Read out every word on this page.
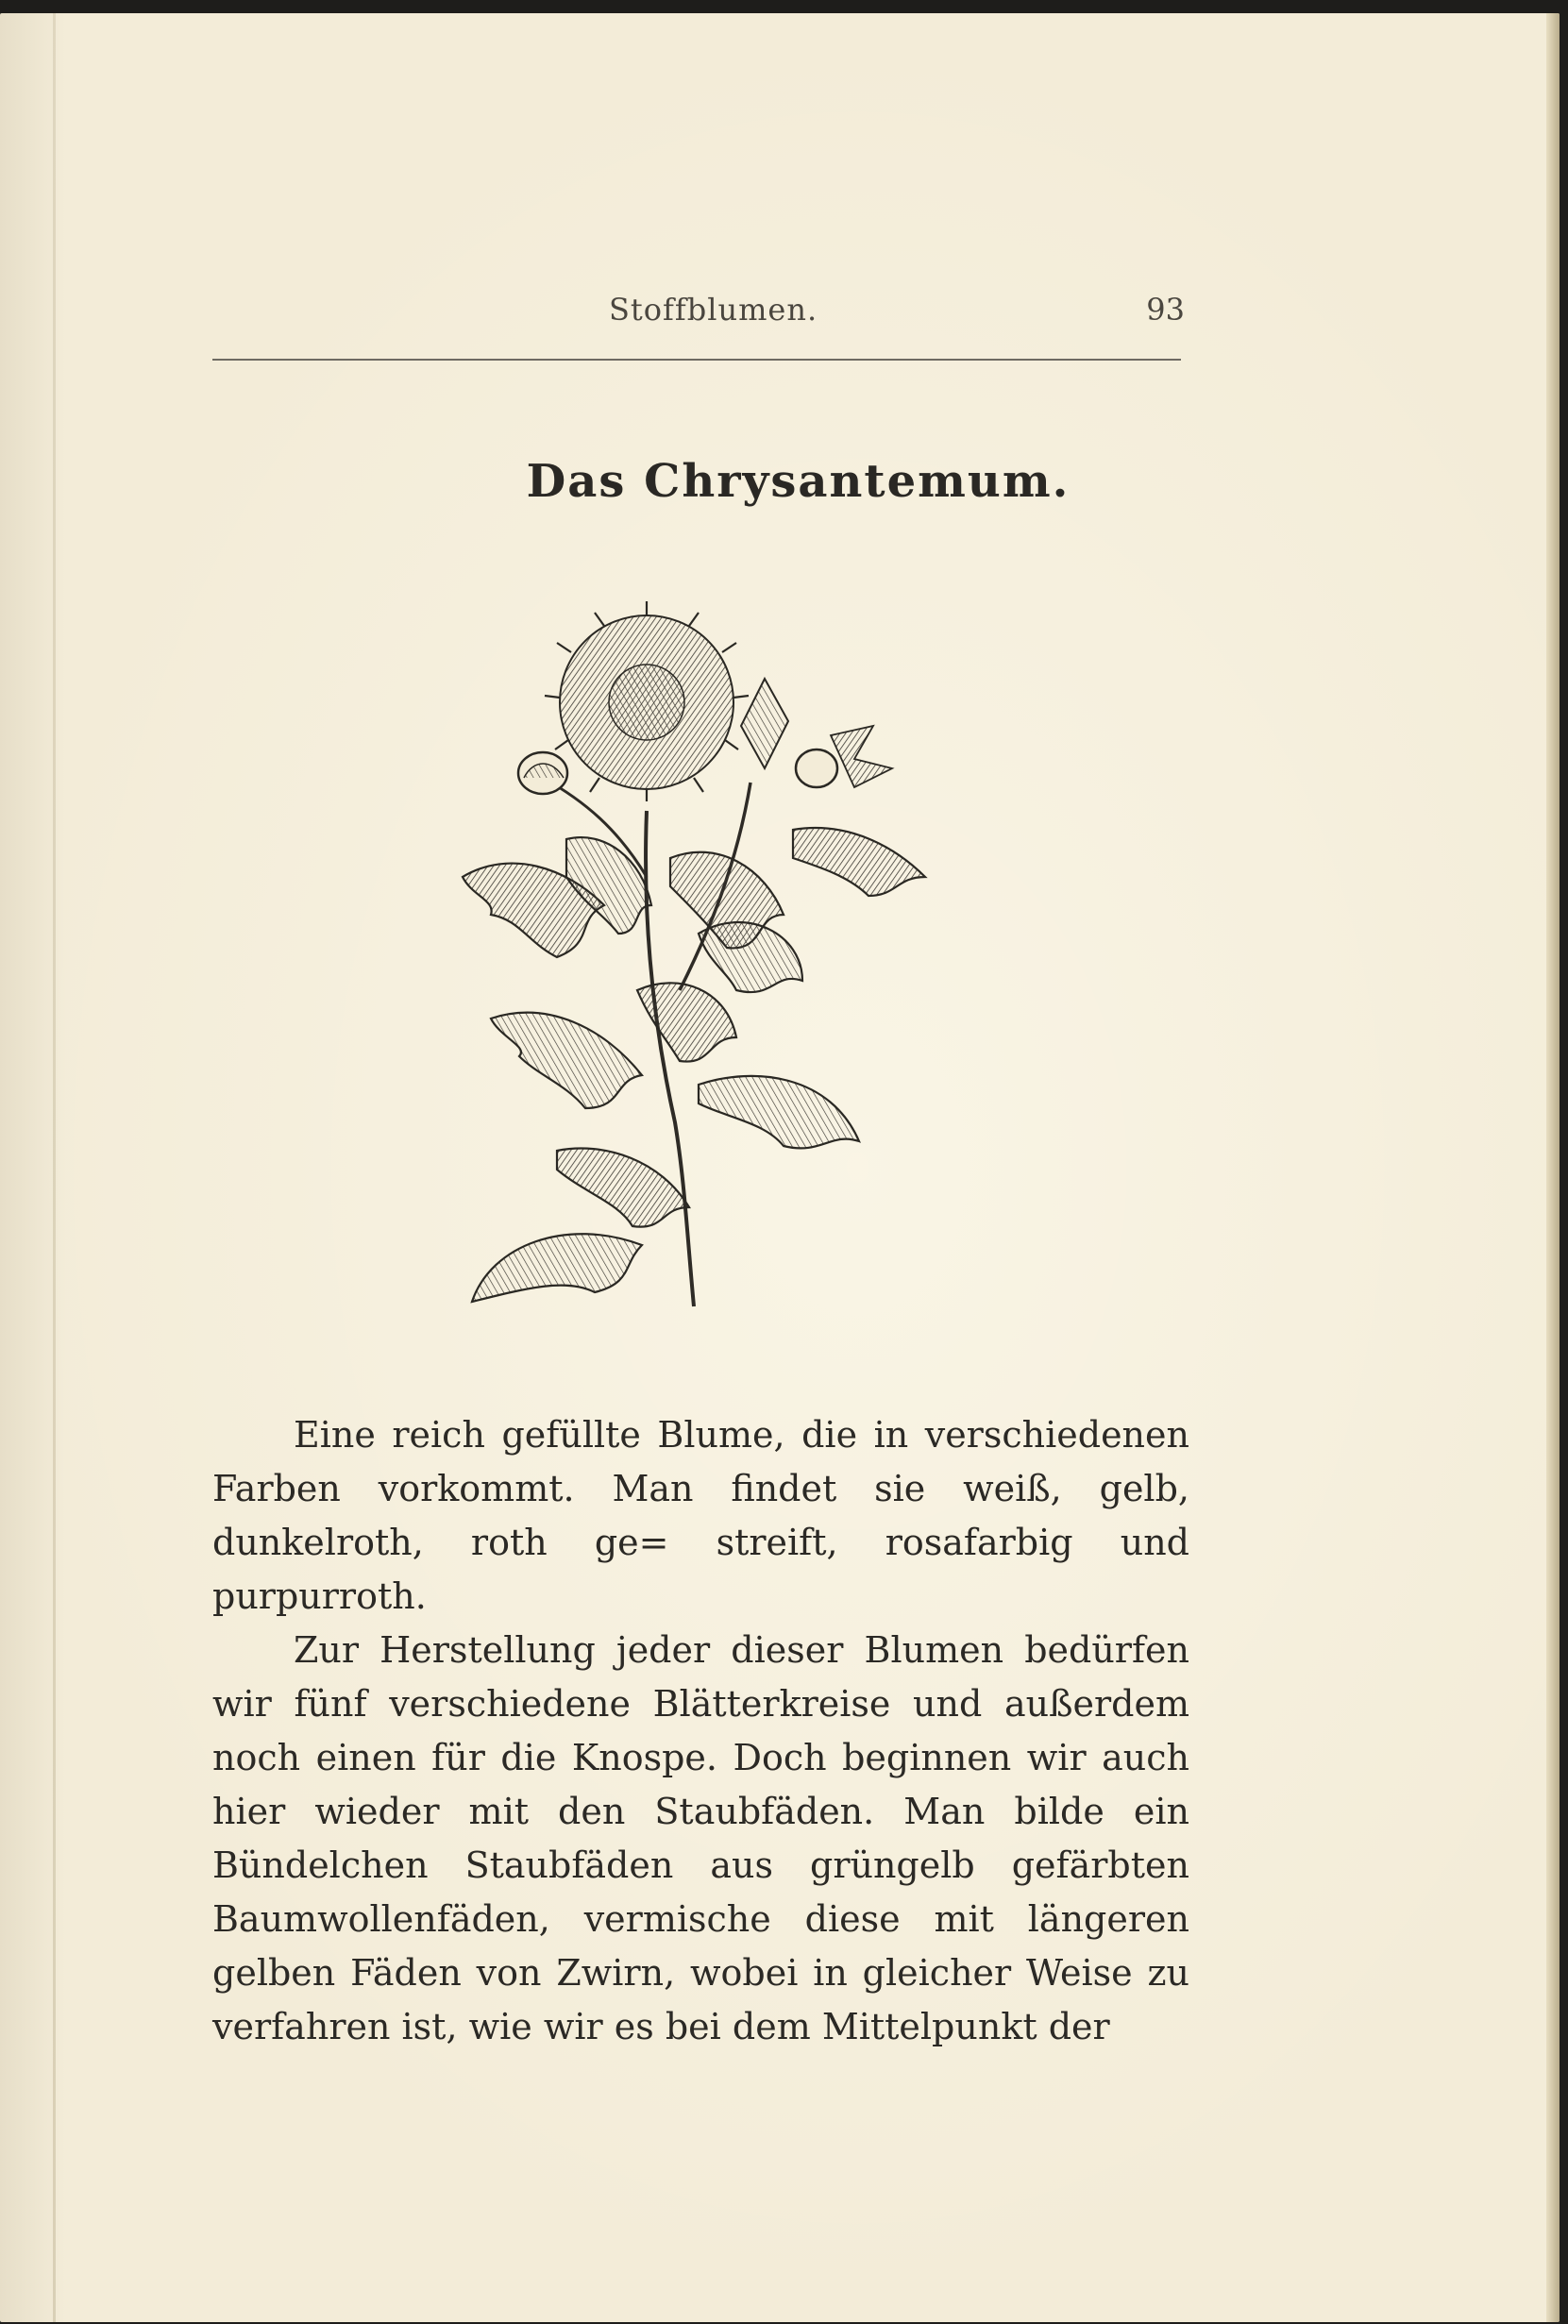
Stoffblumen.	93
Das Chrysantemum.

Eine reich gefüllte Blume, die in verschiedenen Farben vorkommt. Man findet sie weiß, gelb, dunkelroth, roth ge= streift, rosafarbig und purpurroth.

Zur Herstellung jeder dieser Blumen bedürfen wir fünf verschiedene Blätterkreise und außerdem noch einen für die Knospe. Doch beginnen wir auch hier wieder mit den Staubfäden. Man bilde ein Bündelchen Staubfäden aus grüngelb gefärbten Baumwollenfäden, vermische diese mit längeren gelben Fäden von Zwirn, wobei in gleicher Weise zu verfahren ist, wie wir es bei dem Mittelpunkt der
